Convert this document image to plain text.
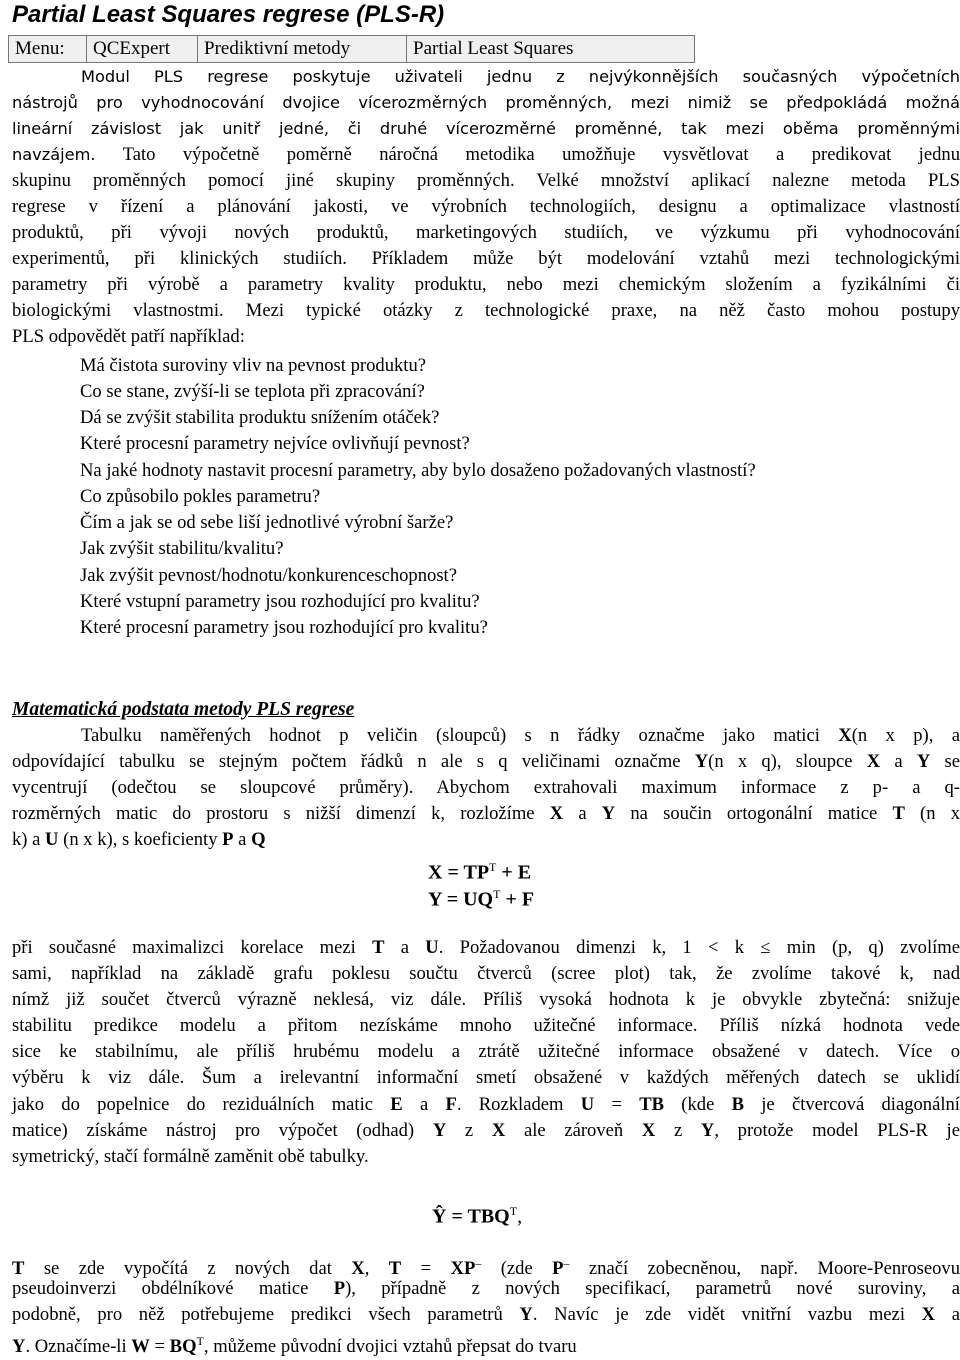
Partial Least Squares regrese (PLS-R)
Menu:	QCExpert	Prediktivní metody	Partial Least Squares
Modul PLS regrese poskytuje uživateli jednu z nejvýkonnějších současných výpočetních
nástrojů pro vyhodnocování dvojice vícerozměrných proměnných, mezi nimiž se předpokládá možná
lineární závislost jak unitř jedné, či druhé vícerozměrné proměnné, tak mezi oběma proměnnými
navzájem. Tato výpočetně poměrně náročná metodika umožňuje vysvětlovat a predikovat jednu
skupinu proměnných pomocí jiné skupiny proměnných. Velké množství aplikací nalezne metoda PLS
regrese v řízení a plánování jakosti, ve výrobních technologiích, designu a optimalizace vlastností
produktů, při vývoji nových produktů, marketingových studiích, ve výzkumu při vyhodnocování
experimentů, při klinických studiích. Příkladem může být modelování vztahů mezi technologickými
parametry při výrobě a parametry kvality produktu, nebo mezi chemickým složením a fyzikálními či
biologickými vlastnostmi. Mezi typické otázky z technologické praxe, na něž často mohou postupy
PLS odpovědět patří například:
Má čistota suroviny vliv na pevnost produktu?
Co se stane, zvýší-li se teplota při zpracování?
Dá se zvýšit stabilita produktu snížením otáček?
Které procesní parametry nejvíce ovlivňují pevnost?
Na jaké hodnoty nastavit procesní parametry, aby bylo dosaženo požadovaných vlastností?
Co způsobilo pokles parametru?
Čím a jak se od sebe liší jednotlivé výrobní šarže?
Jak zvýšit stabilitu/kvalitu?
Jak zvýšit pevnost/hodnotu/konkurenceschopnost?
Které vstupní parametry jsou rozhodující pro kvalitu?
Které procesní parametry jsou rozhodující pro kvalitu?
Matematická podstata metody PLS regrese
Tabulku naměřených hodnot p veličin (sloupců) s n řádky označme jako matici X(n x p), a
odpovídající tabulku se stejným počtem řádků n ale s q veličinami označme Y(n x q), sloupce X a Y se
vycentrují (odečtou se sloupcové průměry). Abychom extrahovali maximum informace z p- a q-
rozměrných matic do prostoru s nižší dimenzí k, rozložíme X a Y na součin ortogonální matice T (n x
k) a U (n x k), s koeficienty P a Q
$X = TP^T + E$
$Y = UQ^T + F$
při současné maximalizci korelace mezi T a U. Požadovanou dimenzi k, 1 < k ≤ min (p, q) zvolíme
sami, například na základě grafu poklesu součtu čtverců (scree plot) tak, že zvolíme takové k, nad
nímž již součet čtverců výrazně neklesá, viz dále. Příliš vysoká hodnota k je obvykle zbytečná: snižuje
stabilitu predikce modelu a přitom nezískáme mnoho užitečné informace. Příliš nízká hodnota vede
sice ke stabilnímu, ale příliš hrubému modelu a ztrátě užitečné informace obsažené v datech. Více o
výběru k viz dále. Šum a irelevantní informační smetí obsažené v každých měřených datech se uklidí
jako do popelnice do reziduálních matic E a F. Rozkladem U = TB (kde B je čtvercová diagonální
matice) získáme nástroj pro výpočet (odhad) Y z X ale zároveň X z Y, protože model PLS-R je
symetrický, stačí formálně zaměnit obě tabulky.
Ŷ = $TBQ^T$,
T se zde vypočítá z nových dat X, T = XP– (zde P– značí zobecněnou, např. Moore-Penroseovu
pseudoinverzi obdélníkové matice P), případně z nových specifikací, parametrů nové suroviny, a
podobně, pro něž potřebujeme predikci všech parametrů Y. Navíc je zde vidět vnitřní vazbu mezi X a
Y. Označíme-li $W = BQ^T$, můžeme původní dvojici vztahů přepsat do tvaru
